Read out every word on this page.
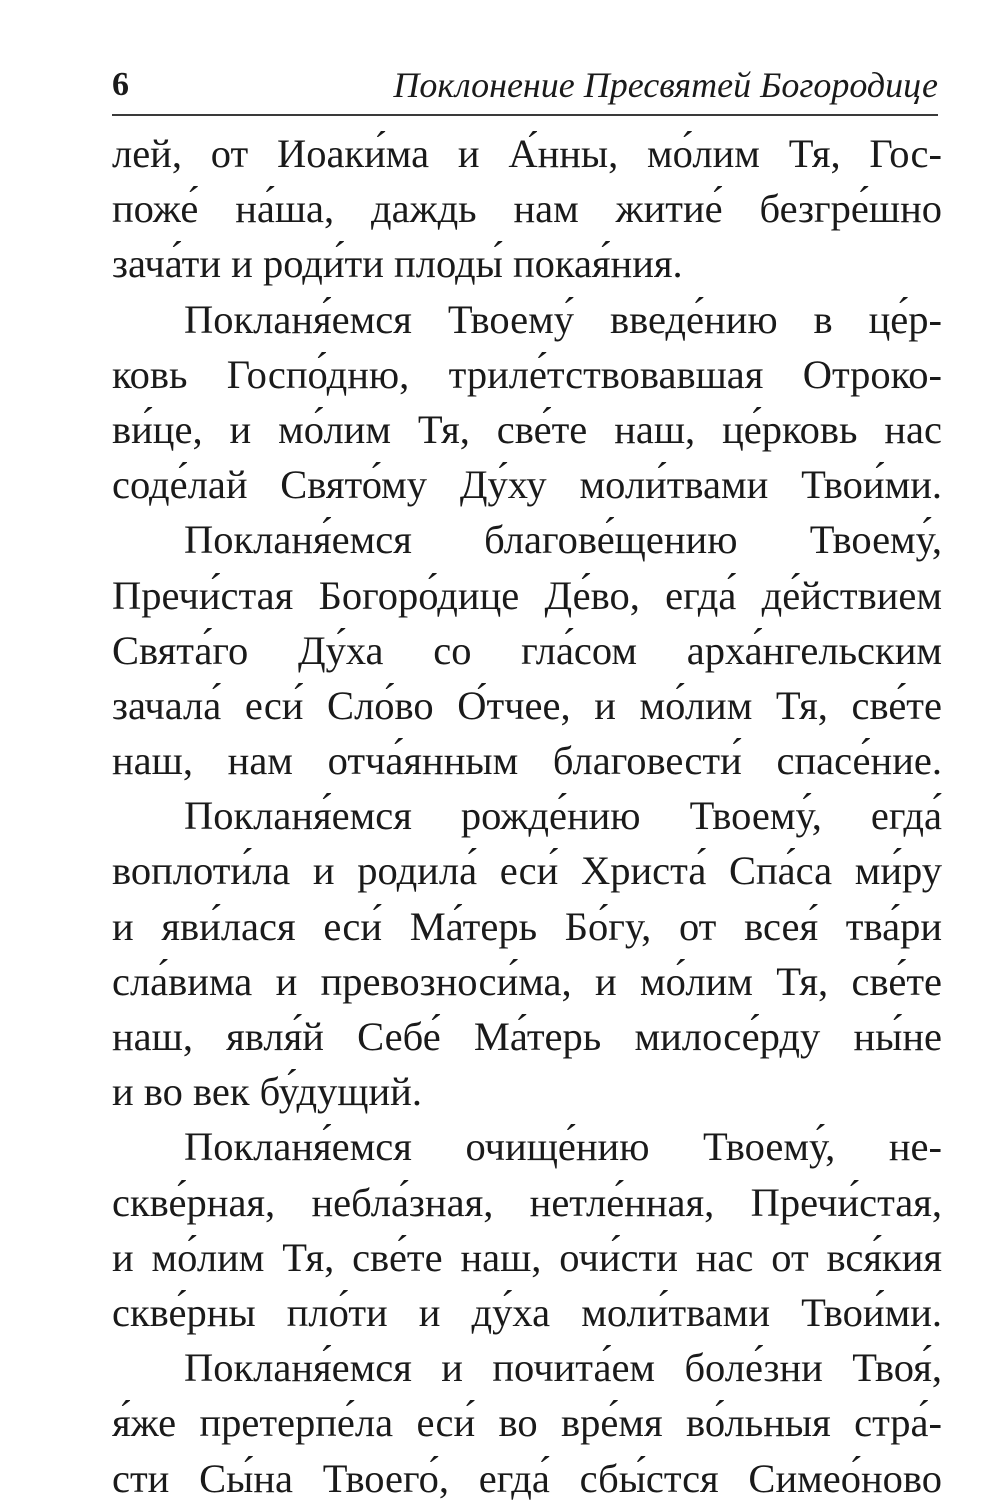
6	Поклонение Пресвятей Богородице
лей, от Иоаки́ма и А́нны, мо́лим Тя, Гос-
поже́ на́ша, даждь нам житие́ безгре́шно
зача́ти и роди́ти плоды́ покая́ния.
Покланя́емся Твоему́ введе́нию в це́р-
ковь Госпо́дню, триле́тствовавшая Отроко-
ви́це, и мо́лим Тя, све́те наш, це́рковь нас
соде́лай Свято́му Ду́ху моли́твами Твои́ми.
Покланя́емся благове́щению Твоему́,
Пречи́стая Богоро́дице Де́во, егда́ де́йствием
Свята́го Ду́ха со гла́сом арха́нгельским
зачала́ еси́ Сло́во О́тчее, и мо́лим Тя, све́те
наш, нам отча́янным благовести́ спасе́ние.
Покланя́емся рожде́нию Твоему́, егда́
воплоти́ла и родила́ еси́ Христа́ Спа́са ми́ру
и яви́лася еси́ Ма́терь Бо́гу, от всея́ тва́ри
сла́вима и превозноси́ма, и мо́лим Тя, све́те
наш, явля́й Себе́ Ма́терь милосе́рду ны́не
и во век бу́дущий.
Покланя́емся очище́нию Твоему́, не-
скве́рная, небла́зная, нетле́нная, Пречи́стая,
и мо́лим Тя, све́те наш, очи́сти нас от вся́кия
скве́рны пло́ти и ду́ха моли́твами Твои́ми.
Покланя́емся и почита́ем боле́зни Твоя́,
я́же претерпе́ла еси́ во вре́мя во́льныя стра́-
сти Сы́на Твоего́, егда́ сбы́стся Симео́ново
